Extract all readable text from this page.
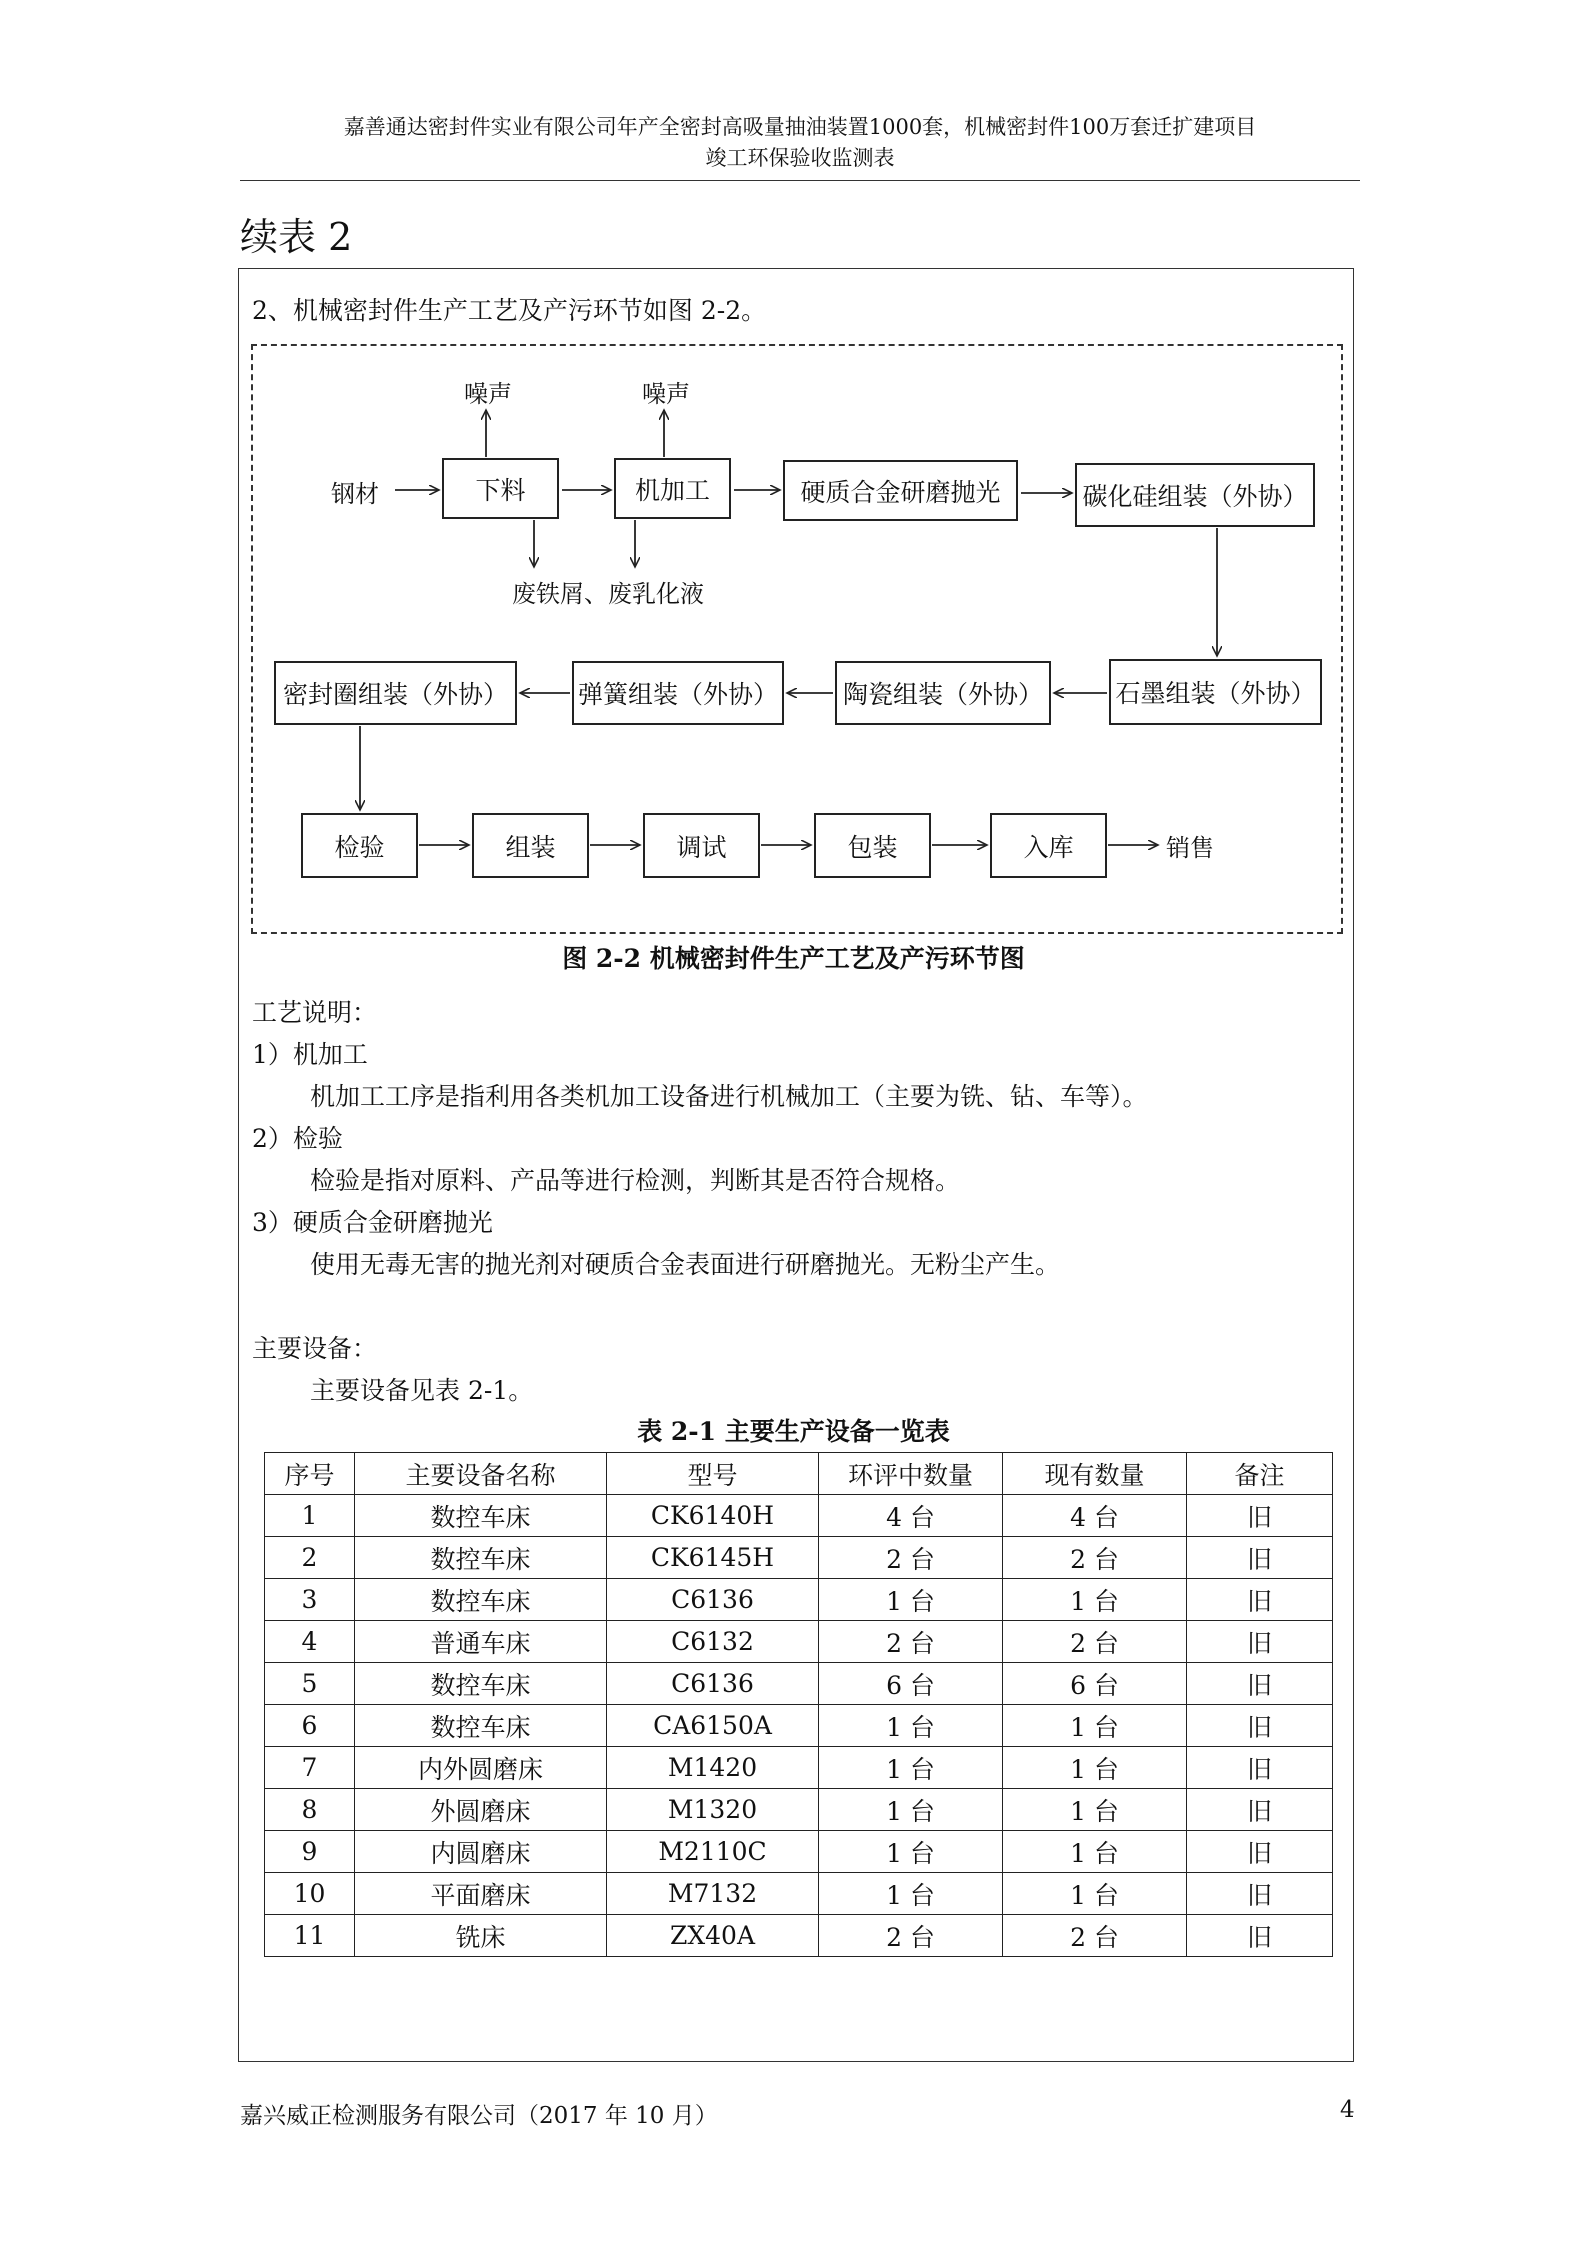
嘉善通达密封件实业有限公司年产全密封高吸量抽油装置1000套，机械密封件100万套迁扩建项目
竣工环保验收监测表
续表 2
2、机械密封件生产工艺及产污环节如图 2-2。
钢材	下料	机加工	硬质合金研磨抛光	碳化硅组装（外协）
噪声	噪声
废铁屑、废乳化液
石墨组装（外协）
陶瓷组装（外协）
弹簧组装（外协）
密封圈组装（外协）
检验	组装	调试	包装	入库	销售
图 2-2 机械密封件生产工艺及产污环节图
工艺说明：
1）机加工
机加工工序是指利用各类机加工设备进行机械加工（主要为铣、钻、车等）。
2）检验
检验是指对原料、产品等进行检测，判断其是否符合规格。
3）硬质合金研磨抛光
使用无毒无害的抛光剂对硬质合金表面进行研磨抛光。无粉尘产生。
主要设备：
主要设备见表 2-1。
表 2-1 主要生产设备一览表
序号	主要设备名称	型号	环评中数量	现有数量	备注
1	数控车床	CK6140H	4 台	4 台	旧
2	数控车床	CK6145H	2 台	2 台	旧
3	数控车床	C6136	1 台	1 台	旧
4	普通车床	C6132	2 台	2 台	旧
5	数控车床	C6136	6 台	6 台	旧
6	数控车床	CA6150A	1 台	1 台	旧
7	内外圆磨床	M1420	1 台	1 台	旧
8	外圆磨床	M1320	1 台	1 台	旧
9	内圆磨床	M2110C	1 台	1 台	旧
10	平面磨床	M7132	1 台	1 台	旧
11	铣床	ZX40A	2 台	2 台	旧
嘉兴威正检测服务有限公司（2017 年 10 月）	4
